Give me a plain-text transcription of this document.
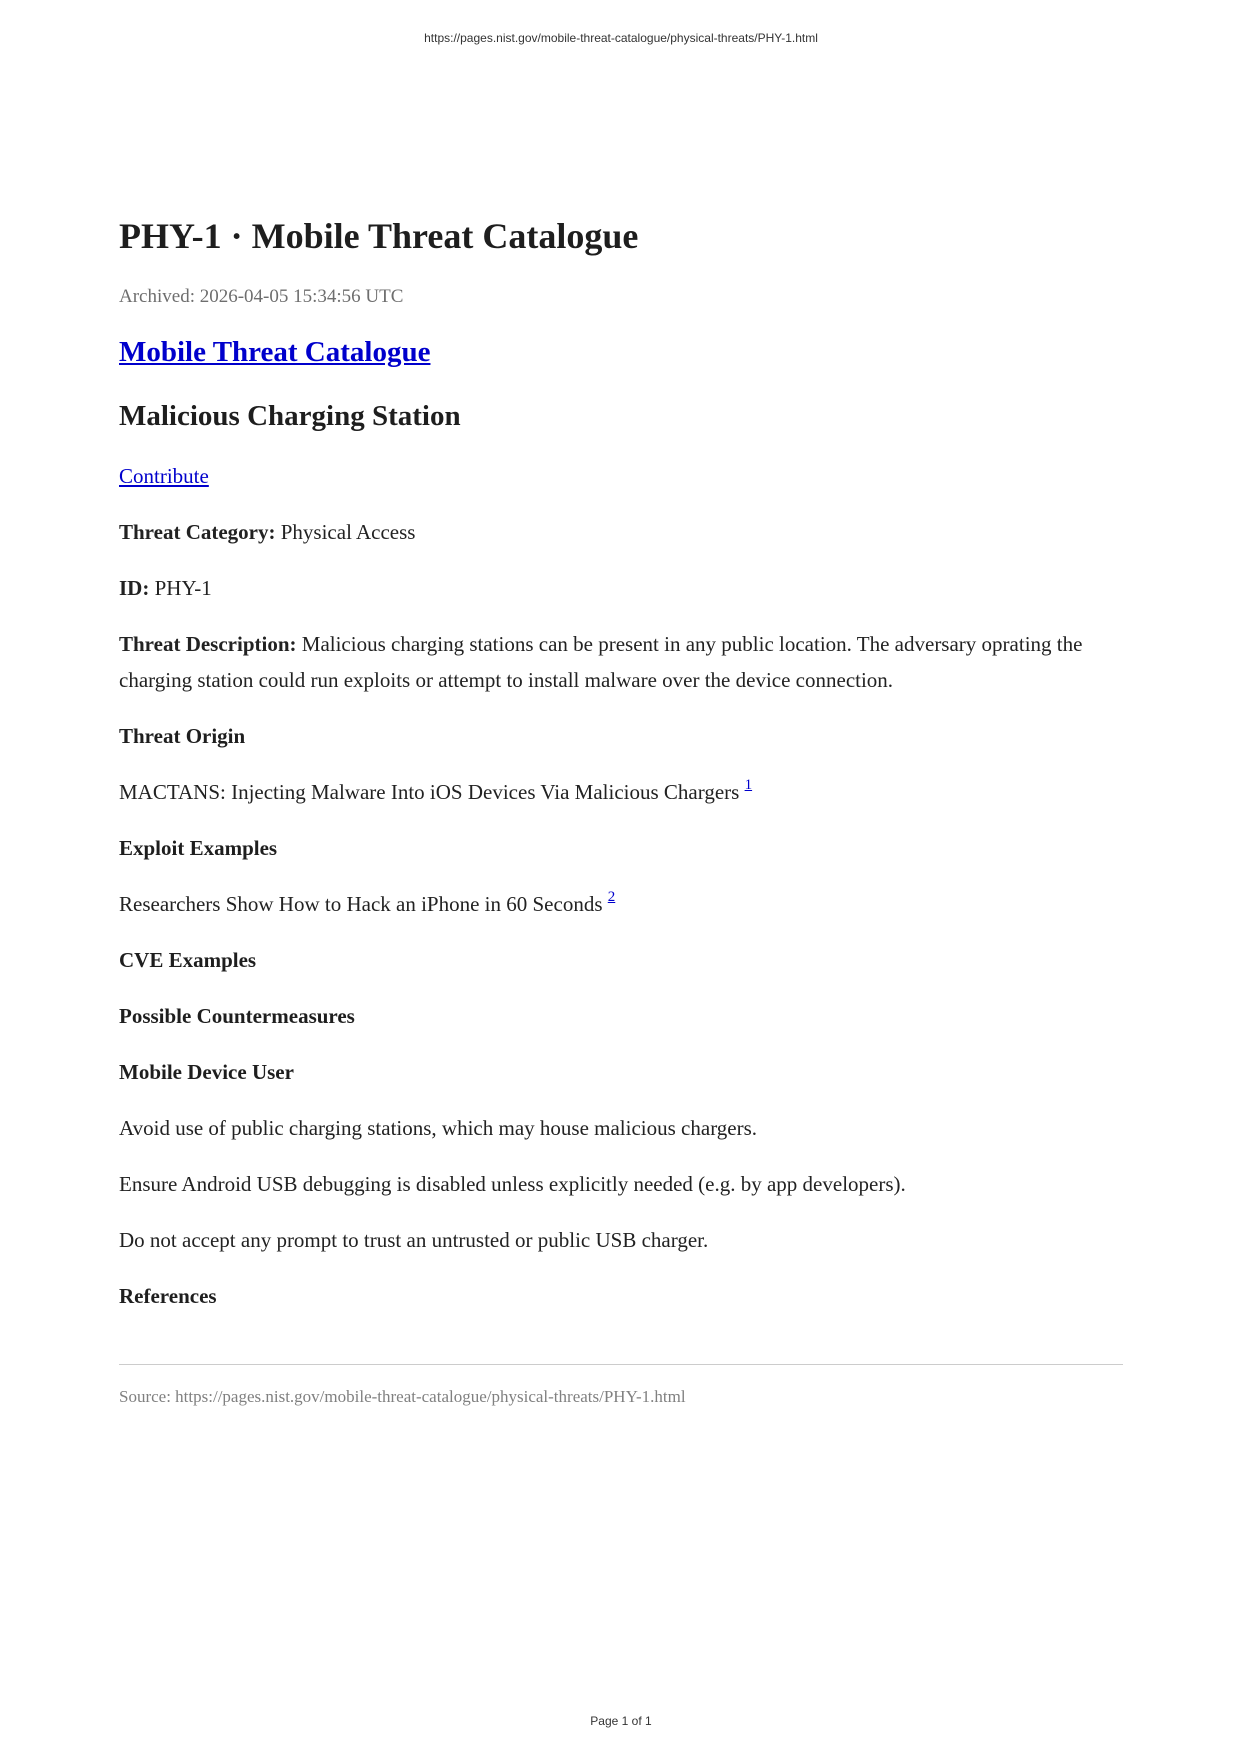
https://pages.nist.gov/mobile-threat-catalogue/physical-threats/PHY-1.html
PHY-1 · Mobile Threat Catalogue
Archived: 2026-04-05 15:34:56 UTC
Mobile Threat Catalogue
Malicious Charging Station
Contribute
Threat Category: Physical Access
ID: PHY-1
Threat Description: Malicious charging stations can be present in any public location. The adversary oprating the charging station could run exploits or attempt to install malware over the device connection.
Threat Origin
MACTANS: Injecting Malware Into iOS Devices Via Malicious Chargers $^1$
Exploit Examples
Researchers Show How to Hack an iPhone in 60 Seconds $^2$
CVE Examples
Possible Countermeasures
Mobile Device User
Avoid use of public charging stations, which may house malicious chargers.
Ensure Android USB debugging is disabled unless explicitly needed (e.g. by app developers).
Do not accept any prompt to trust an untrusted or public USB charger.
References
Source: https://pages.nist.gov/mobile-threat-catalogue/physical-threats/PHY-1.html
Page 1 of 1
